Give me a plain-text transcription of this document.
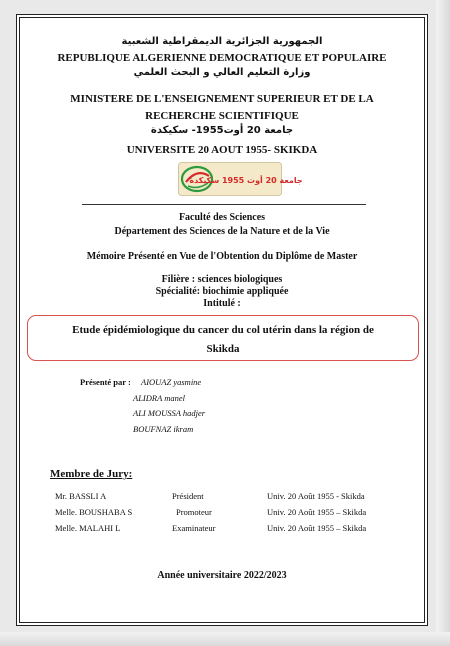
الجمهورية الجزائرية الديمقراطية الشعبية
REPUBLIQUE ALGERIENNE DEMOCRATIQUE ET POPULAIRE
وزارة التعليم العالي و البحث العلمي
MINISTERE DE L'ENSEIGNEMENT SUPERIEUR ET DE LA
RECHERCHE SCIENTIFIQUE
جامعة 20 أوت1955- سكيكدة
UNIVERSITE 20 AOUT 1955- SKIKDA
جامعة 20 أوت 1955 سكيكدة
Faculté des Sciences
Département des Sciences de la Nature et de la Vie
Mémoire Présenté en Vue de l'Obtention du Diplôme de Master
Filière : sciences biologiques
Spécialité: biochimie appliquée
Intitulé :
Etude épidémiologique du cancer du col utérin dans la région de
Skikda
Présenté par : AIOUAZ yasmine
ALIDRA manel
ALI MOUSSA hadjer
BOUFNAZ ikram
Membre de Jury:
Mr. BASSLI A	Président	Univ. 20 Août 1955 - Skikda
Melle. BOUSHABA S	Promoteur	Univ. 20 Août 1955 – Skikda
Melle. MALAHI L	Examinateur	Univ. 20 Août 1955 – Skikda
Année universitaire 2022/2023
